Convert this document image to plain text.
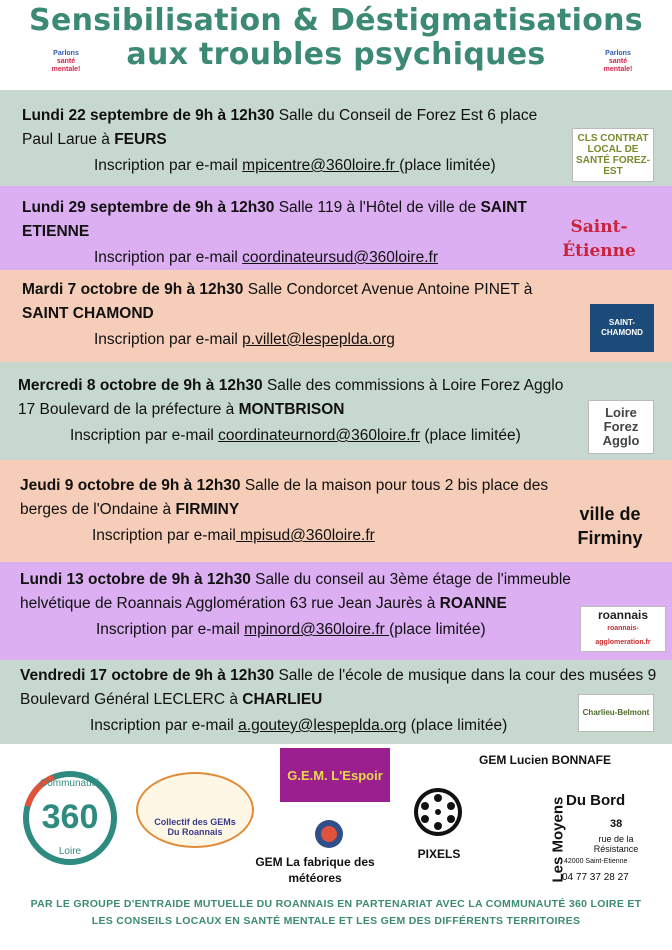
Sensibilisation & Déstigmatisations
aux troubles psychiques
Parlons
santé
mentale!
Parlons
santé
mentale!
Lundi 22 septembre de 9h à 12h30 Salle du Conseil de Forez Est 6 place Paul Larue à FEURS
Inscription par e-mail mpicentre@360loire.fr (place limitée)
CLS CONTRAT LOCAL DE SANTÉ FOREZ-EST
Lundi 29 septembre de 9h à 12h30 Salle 119 à l'Hôtel de ville de SAINT ETIENNE
Inscription par e-mail coordinateursud@360loire.fr
Saint-Étienne
Mardi 7 octobre de 9h à 12h30 Salle Condorcet Avenue Antoine PINET à SAINT CHAMOND
Inscription par e-mail p.villet@lespeplda.org
SAINT-CHAMOND
Mercredi 8 octobre de 9h à 12h30 Salle des commissions à Loire Forez Agglo 17 Boulevard de la préfecture à MONTBRISON
Inscription par e-mail coordinateurnord@360loire.fr (place limitée)
Loire Forez Agglo
Jeudi 9 octobre de 9h à 12h30 Salle de la maison pour tous 2 bis place des berges de l'Ondaine à FIRMINY
Inscription par e-mail mpisud@360loire.fr
ville de Firminy
Lundi 13 octobre de 9h à 12h30 Salle du conseil au 3ème étage de l'immeuble helvétique de Roannais Agglomération 63 rue Jean Jaurès à ROANNE
Inscription par e-mail mpinord@360loire.fr (place limitée)
roannais
roannais-agglomeration.fr
Vendredi 17 octobre de 9h à 12h30 Salle de l'école de musique dans la cour des musées 9 Boulevard Général LECLERC à CHARLIEU
Inscription par e-mail a.goutey@lespeplda.org (place limitée)
Charlieu-Belmont
Communauté
360
Loire
Collectif des GEMs Du Roannais
G.E.M. L'Espoir
GEM La fabrique des météores
PIXELS
GEM Lucien BONNAFE
Les Moyens Du Bord
38
rue de la Résistance
42000 Saint-Etienne
04 77 37 28 27
PAR LE GROUPE D'ENTRAIDE MUTUELLE DU ROANNAIS EN PARTENARIAT AVEC LA COMMUNAUTÉ 360 LOIRE ET LES CONSEILS LOCAUX EN SANTÉ MENTALE ET LES GEM DES DIFFÉRENTS TERRITOIRES
